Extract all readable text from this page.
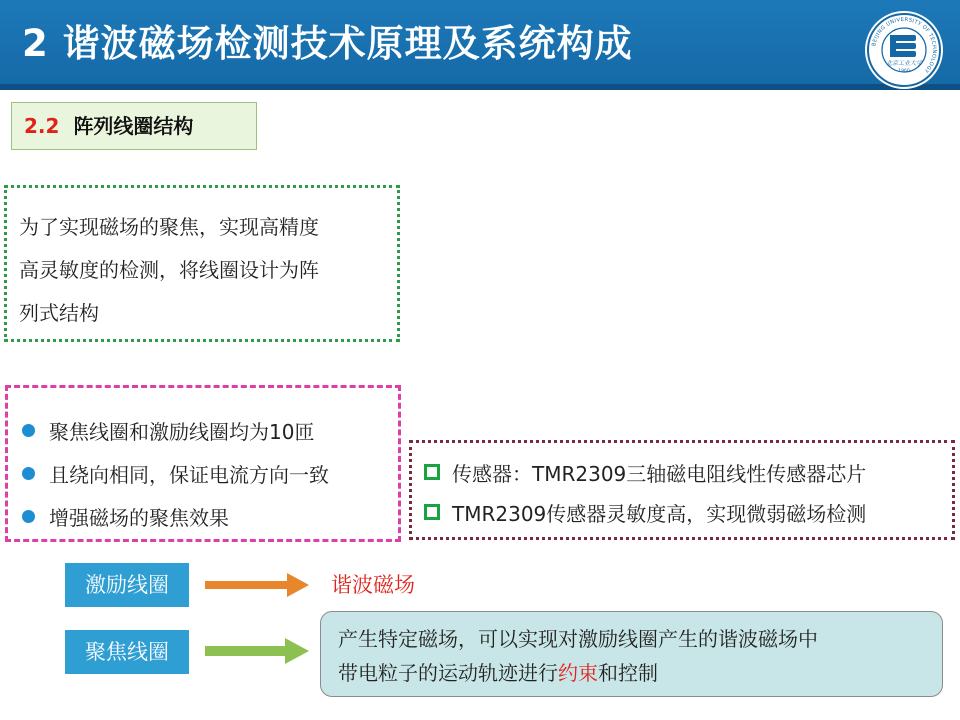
2 谐波磁场检测技术原理及系统构成	BEIJING UNIVERSITY OF TECHNOLOGY
北京工业大学
1960
2.2 阵列线圈结构
为了实现磁场的聚焦，实现高精度
高灵敏度的检测，将线圈设计为阵
列式结构
聚焦线圈和激励线圈均为10匝
且绕向相同，保证电流方向一致
增强磁场的聚焦效果
传感器：TMR2309三轴磁电阻线性传感器芯片
TMR2309传感器灵敏度高，实现微弱磁场检测
激励线圈	谐波磁场
聚焦线圈
产生特定磁场，可以实现对激励线圈产生的谐波磁场中
带电粒子的运动轨迹进行约束和控制
